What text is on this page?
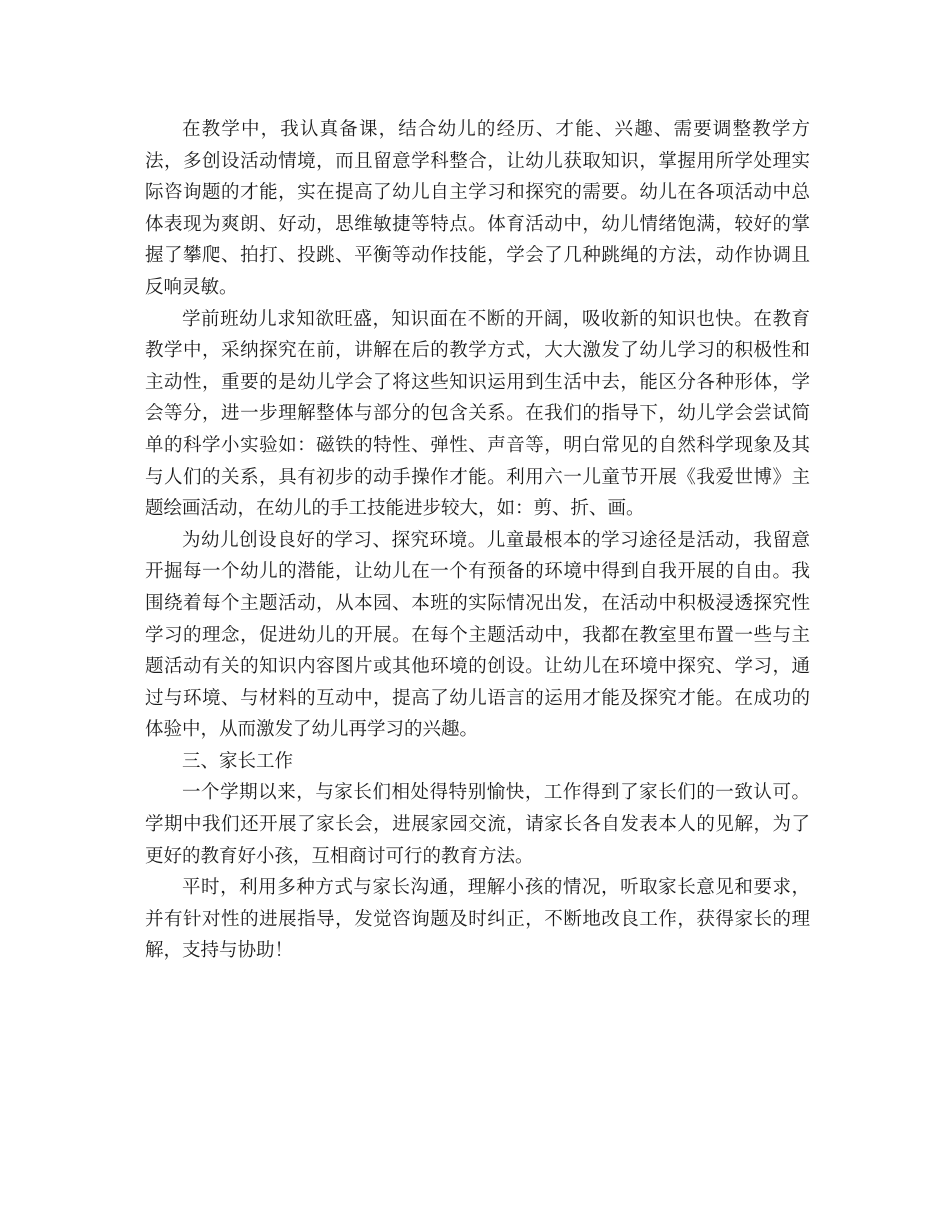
在教学中，我认真备课，结合幼儿的经历、才能、兴趣、需要调整教学方法，多创设活动情境，而且留意学科整合，让幼儿获取知识，掌握用所学处理实际咨询题的才能，实在提高了幼儿自主学习和探究的需要。幼儿在各项活动中总体表现为爽朗、好动，思维敏捷等特点。体育活动中，幼儿情绪饱满，较好的掌握了攀爬、拍打、投跳、平衡等动作技能，学会了几种跳绳的方法，动作协调且反响灵敏。

学前班幼儿求知欲旺盛，知识面在不断的开阔，吸收新的知识也快。在教育教学中，采纳探究在前，讲解在后的教学方式，大大激发了幼儿学习的积极性和主动性，重要的是幼儿学会了将这些知识运用到生活中去，能区分各种形体，学会等分，进一步理解整体与部分的包含关系。在我们的指导下，幼儿学会尝试简单的科学小实验如：磁铁的特性、弹性、声音等，明白常见的自然科学现象及其与人们的关系，具有初步的动手操作才能。利用六一儿童节开展《我爱世博》主题绘画活动，在幼儿的手工技能进步较大，如：剪、折、画。

为幼儿创设良好的学习、探究环境。儿童最根本的学习途径是活动，我留意开掘每一个幼儿的潜能，让幼儿在一个有预备的环境中得到自我开展的自由。我围绕着每个主题活动，从本园、本班的实际情况出发，在活动中积极浸透探究性学习的理念，促进幼儿的开展。在每个主题活动中，我都在教室里布置一些与主题活动有关的知识内容图片或其他环境的创设。让幼儿在环境中探究、学习，通过与环境、与材料的互动中，提高了幼儿语言的运用才能及探究才能。在成功的体验中，从而激发了幼儿再学习的兴趣。

三、家长工作

一个学期以来，与家长们相处得特别愉快，工作得到了家长们的一致认可。学期中我们还开展了家长会，进展家园交流，请家长各自发表本人的见解，为了更好的教育好小孩，互相商讨可行的教育方法。

平时，利用多种方式与家长沟通，理解小孩的情况，听取家长意见和要求，并有针对性的进展指导，发觉咨询题及时纠正，不断地改良工作，获得家长的理解，支持与协助！
